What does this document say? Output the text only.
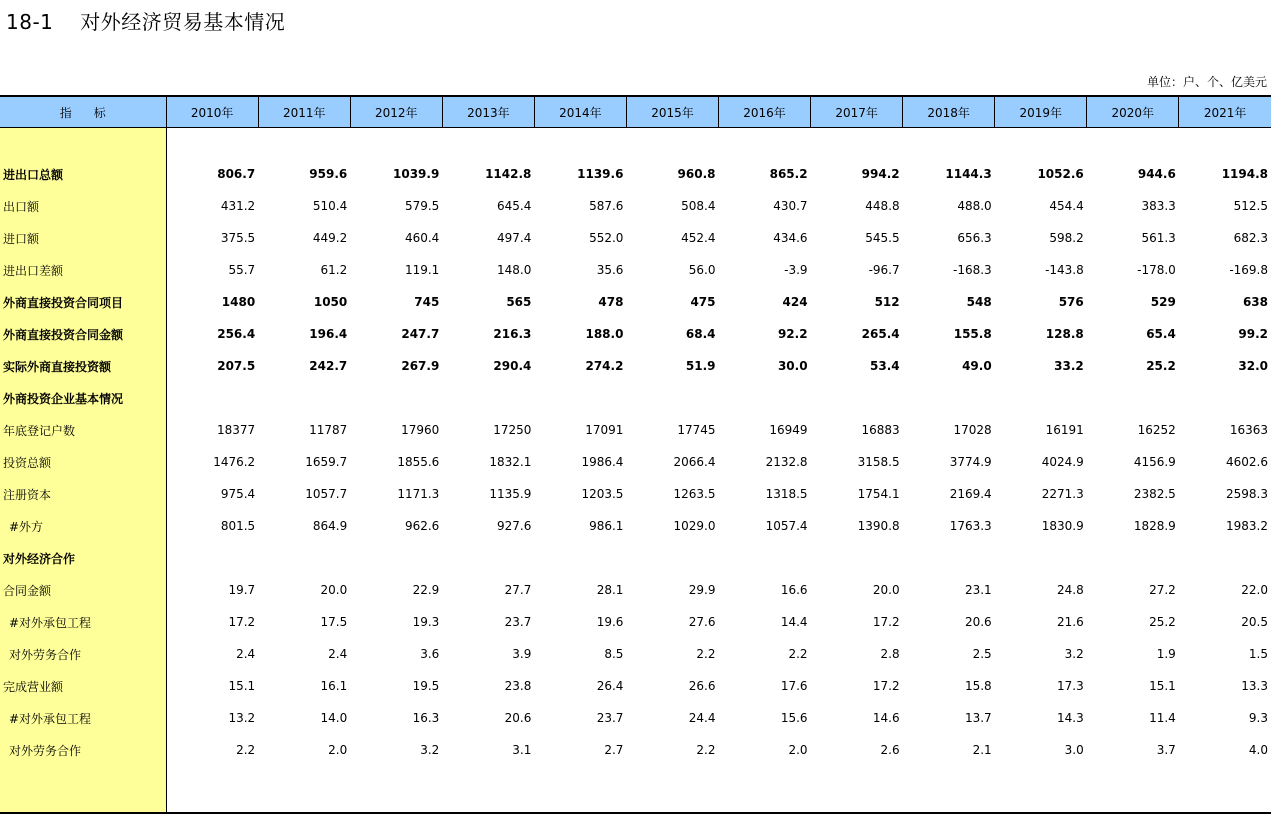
18-1 对外经济贸易基本情况
单位：户、个、亿美元
指标	2010年	2011年	2012年	2013年	2014年	2015年	2016年	2017年	2018年	2019年	2020年	2021年

进出口总额	806.7	959.6	1039.9	1142.8	1139.6	960.8	865.2	994.2	1144.3	1052.6	944.6	1194.8
出口额	431.2	510.4	579.5	645.4	587.6	508.4	430.7	448.8	488.0	454.4	383.3	512.5
进口额	375.5	449.2	460.4	497.4	552.0	452.4	434.6	545.5	656.3	598.2	561.3	682.3
进出口差额	55.7	61.2	119.1	148.0	35.6	56.0	-3.9	-96.7	-168.3	-143.8	-178.0	-169.8
外商直接投资合同项目	1480	1050	745	565	478	475	424	512	548	576	529	638
外商直接投资合同金额	256.4	196.4	247.7	216.3	188.0	68.4	92.2	265.4	155.8	128.8	65.4	99.2
实际外商直接投资额	207.5	242.7	267.9	290.4	274.2	51.9	30.0	53.4	49.0	33.2	25.2	32.0
外商投资企业基本情况												
年底登记户数	18377	11787	17960	17250	17091	17745	16949	16883	17028	16191	16252	16363
投资总额	1476.2	1659.7	1855.6	1832.1	1986.4	2066.4	2132.8	3158.5	3774.9	4024.9	4156.9	4602.6
注册资本	975.4	1057.7	1171.3	1135.9	1203.5	1263.5	1318.5	1754.1	2169.4	2271.3	2382.5	2598.3
#外方	801.5	864.9	962.6	927.6	986.1	1029.0	1057.4	1390.8	1763.3	1830.9	1828.9	1983.2
对外经济合作												
合同金额	19.7	20.0	22.9	27.7	28.1	29.9	16.6	20.0	23.1	24.8	27.2	22.0
#对外承包工程	17.2	17.5	19.3	23.7	19.6	27.6	14.4	17.2	20.6	21.6	25.2	20.5
对外劳务合作	2.4	2.4	3.6	3.9	8.5	2.2	2.2	2.8	2.5	3.2	1.9	1.5
完成营业额	15.1	16.1	19.5	23.8	26.4	26.6	17.6	17.2	15.8	17.3	15.1	13.3
#对外承包工程	13.2	14.0	16.3	20.6	23.7	24.4	15.6	14.6	13.7	14.3	11.4	9.3
对外劳务合作	2.2	2.0	3.2	3.1	2.7	2.2	2.0	2.6	2.1	3.0	3.7	4.0
